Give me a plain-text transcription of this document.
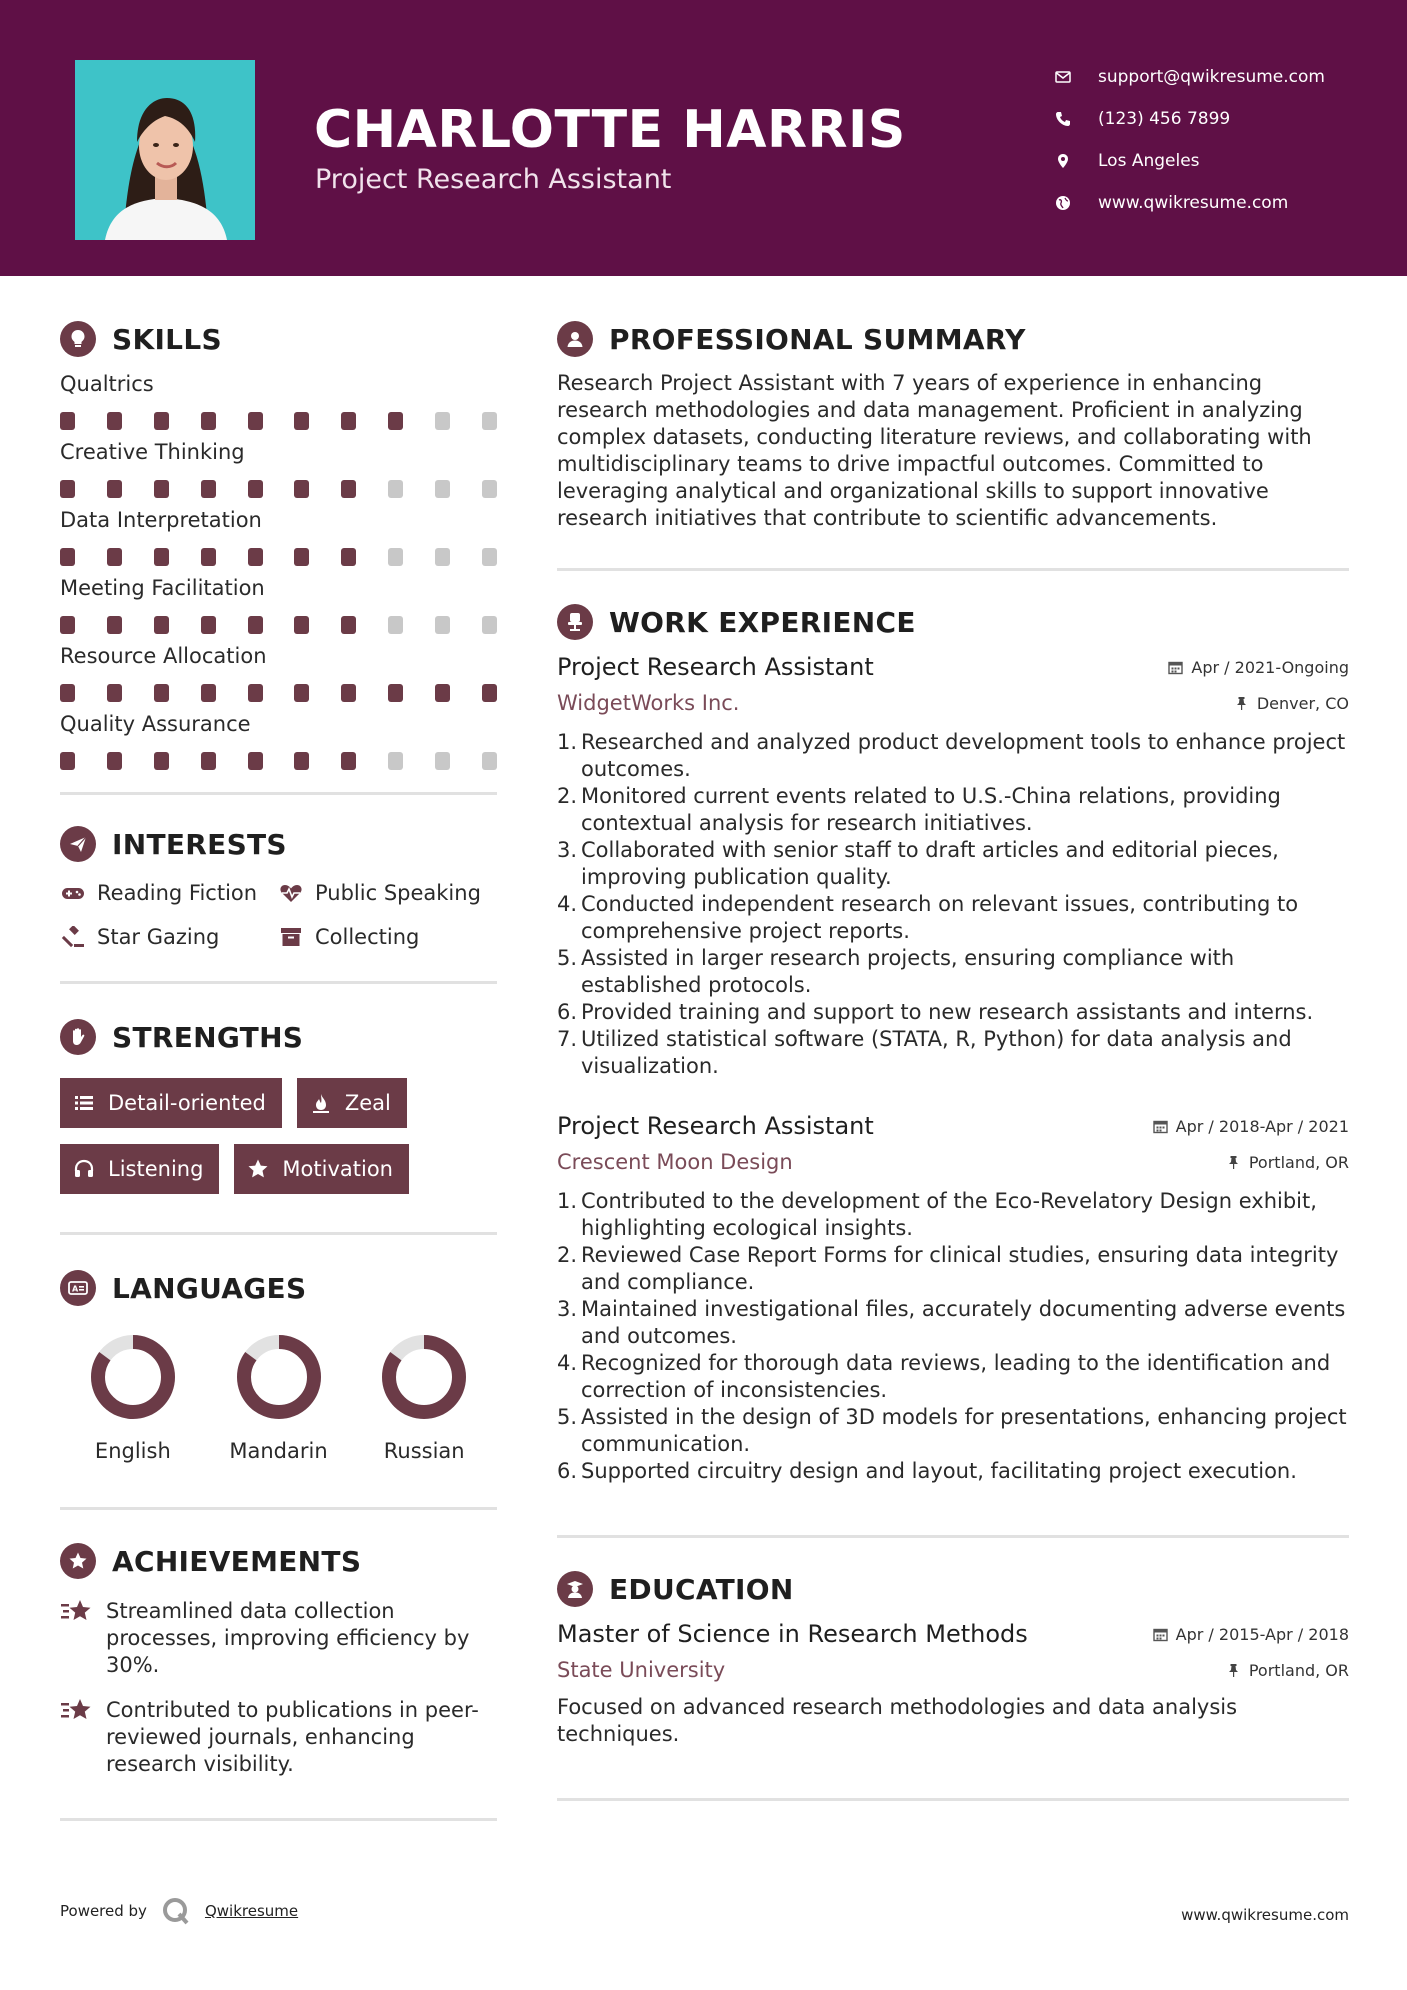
CHARLOTTE HARRIS
Project Research Assistant
support@qwikresume.com
(123) 456 7899
Los Angeles
www.qwikresume.com
SKILLS
Qualtrics
Creative Thinking
Data Interpretation
Meeting Facilitation
Resource Allocation
Quality Assurance
INTERESTS
Reading Fiction	Public Speaking
Star Gazing	Collecting
STRENGTHS
Detail-oriented	Zeal
Listening	Motivation
A LANGUAGES
English	Mandarin	Russian
ACHIEVEMENTS
Streamlined data collection processes, improving efficiency by 30%.
Contributed to publications in peer-reviewed journals, enhancing research visibility.
PROFESSIONAL SUMMARY
Research Project Assistant with 7 years of experience in enhancing research methodologies and data management. Proficient in analyzing complex datasets, conducting literature reviews, and collaborating with multidisciplinary teams to drive impactful outcomes. Committed to leveraging analytical and organizational skills to support innovative research initiatives that contribute to scientific advancements.
WORK EXPERIENCE
Project Research Assistant	Apr / 2021-Ongoing
WidgetWorks Inc.	Denver, CO
1. Researched and analyzed product development tools to enhance project outcomes.
2. Monitored current events related to U.S.-China relations, providing contextual analysis for research initiatives.
3. Collaborated with senior staff to draft articles and editorial pieces, improving publication quality.
4. Conducted independent research on relevant issues, contributing to comprehensive project reports.
5. Assisted in larger research projects, ensuring compliance with established protocols.
6. Provided training and support to new research assistants and interns.
7. Utilized statistical software (STATA, R, Python) for data analysis and visualization.
Project Research Assistant	Apr / 2018-Apr / 2021
Crescent Moon Design	Portland, OR
1. Contributed to the development of the Eco-Revelatory Design exhibit, highlighting ecological insights.
2. Reviewed Case Report Forms for clinical studies, ensuring data integrity and compliance.
3. Maintained investigational files, accurately documenting adverse events and outcomes.
4. Recognized for thorough data reviews, leading to the identification and correction of inconsistencies.
5. Assisted in the design of 3D models for presentations, enhancing project communication.
6. Supported circuitry design and layout, facilitating project execution.
EDUCATION
Master of Science in Research Methods	Apr / 2015-Apr / 2018
State University	Portland, OR
Focused on advanced research methodologies and data analysis techniques.
Powered by	Qwikresume	www.qwikresume.com
